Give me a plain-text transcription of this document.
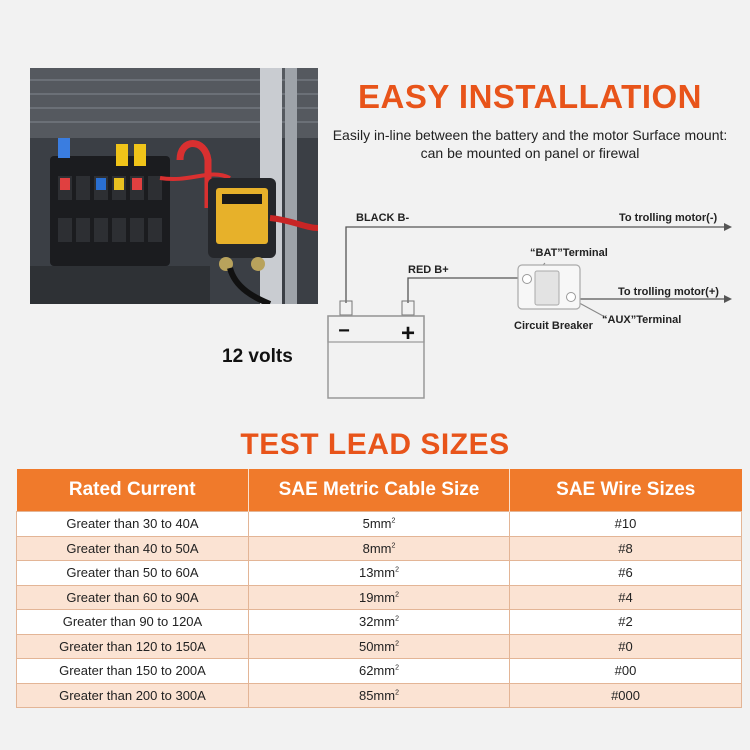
EASY INSTALLATION
Easily in-line between the battery and the motor Surface mount: can be mounted on panel or firewal
− +
BLACK B-	To trolling motor(-)
RED B+
“BAT”Terminal
To trolling motor(+)
“AUX”Terminal
Circuit Breaker
12 volts
TEST LEAD SIZES
Rated Current	SAE Metric Cable Size	SAE Wire Sizes
Greater than 30 to 40A	$5mm^2$	#10
Greater than 40 to 50A	$8mm^2$	#8
Greater than 50 to 60A	$13mm^2$	#6
Greater than 60 to 90A	$19mm^2$	#4
Greater than 90 to 120A	$32mm^2$	#2
Greater than 120 to 150A	$50mm^2$	#0
Greater than 150 to 200A	$62mm^2$	#00
Greater than 200 to 300A	$85mm^2$	#000
